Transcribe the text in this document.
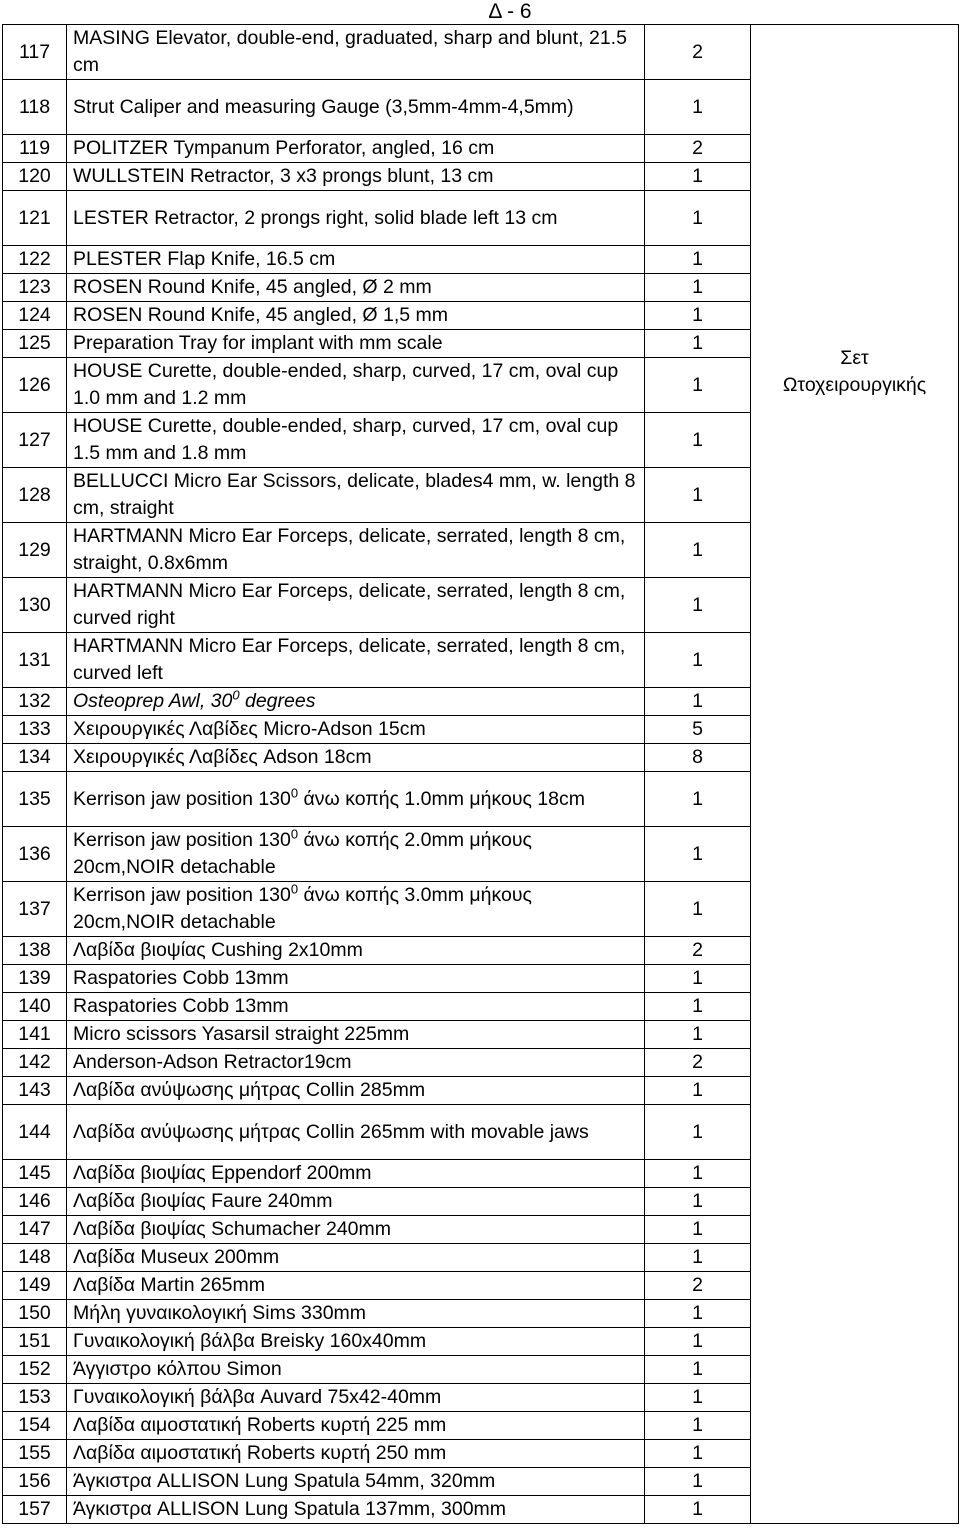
Δ - 6
117	MASING Elevator, double-end, graduated, sharp and blunt, 21.5 cm	2	Σετ
Ωτοχειρουργικής

118	Strut Caliper and measuring Gauge (3,5mm-4mm-4,5mm)	1	
119	POLITZER Tympanum Perforator, angled, 16 cm	2	
120	WULLSTEIN Retractor, 3 x3 prongs blunt, 13 cm	1	
121	LESTER Retractor, 2 prongs right, solid blade left 13 cm	1	
122	PLESTER Flap Knife, 16.5 cm	1	
123	ROSEN Round Knife, 45 angled, Ø 2 mm	1	
124	ROSEN Round Knife, 45 angled, Ø 1,5 mm	1	
125	Preparation Tray for implant with mm scale	1	
126	HOUSE Curette, double-ended, sharp, curved, 17 cm, oval cup 1.0 mm and 1.2 mm	1	
127	HOUSE Curette, double-ended, sharp, curved, 17 cm, oval cup 1.5 mm and 1.8 mm	1	
128	BELLUCCI Micro Ear Scissors, delicate, blades4 mm, w. length 8 cm, straight	1	
129	HARTMANN Micro Ear Forceps, delicate, serrated, length 8 cm, straight, 0.8x6mm	1	
130	HARTMANN Micro Ear Forceps, delicate, serrated, length 8 cm, curved right	1	
131	HARTMANN Micro Ear Forceps, delicate, serrated, length 8 cm, curved left	1	
132	Osteoprep Awl, $30^0$ degrees	1	
133	Χειρουργικές Λαβίδες Micro-Adson 15cm	5	
134	Χειρουργικές Λαβίδες Adson 18cm	8	
135	Kerrison jaw position $130^0$ άνω κοπής 1.0mm μήκους 18cm	1	
136	Kerrison jaw position $130^0$ άνω κοπής 2.0mm μήκους 20cm,NOIR detachable	1	
137	Kerrison jaw position $130^0$ άνω κοπής 3.0mm μήκους 20cm,NOIR detachable	1	
138	Λαβίδα βιοψίας Cushing 2x10mm	2	
139	Raspatories Cobb 13mm	1	
140	Raspatories Cobb 13mm	1	
141	Micro scissors Yasarsil straight 225mm	1	
142	Anderson-Adson Retractor19cm	2	
143	Λαβίδα ανύψωσης μήτρας Collin 285mm	1	
144	Λαβίδα ανύψωσης μήτρας Collin 265mm with movable jaws	1	
145	Λαβίδα βιοψίας Eppendorf 200mm	1	
146	Λαβίδα βιοψίας Faure 240mm	1	
147	Λαβίδα βιοψίας Schumacher 240mm	1	
148	Λαβίδα Museux 200mm	1	
149	Λαβίδα Martin 265mm	2	
150	Μήλη γυναικολογική Sims 330mm	1	
151	Γυναικολογική βάλβα Breisky 160x40mm	1	
152	Άγγιστρο κόλπου Simon	1	
153	Γυναικολογική βάλβα Auvard 75x42-40mm	1	
154	Λαβίδα αιμοστατική Roberts κυρτή 225 mm	1	
155	Λαβίδα αιμοστατική Roberts κυρτή 250 mm	1	
156	Άγκιστρα ALLISON Lung Spatula 54mm, 320mm	1	
157	Άγκιστρα ALLISON Lung Spatula 137mm, 300mm	1	
